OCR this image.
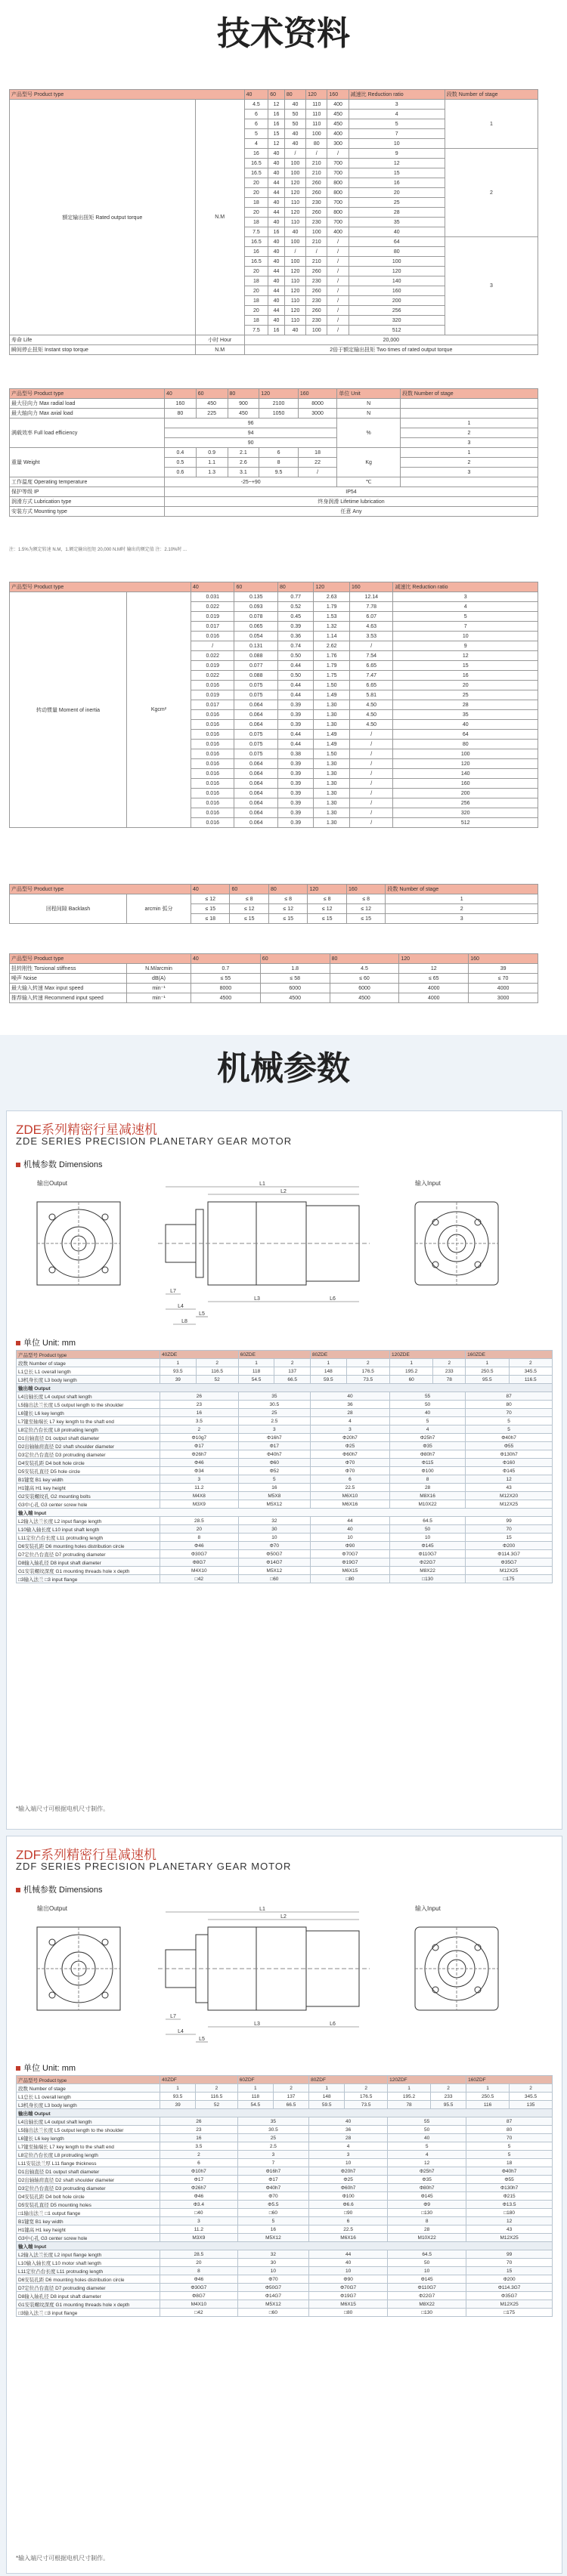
技术资料
产品型号 Product type		40	60	80	120	160	减速比 Reduction ratio	段数 Number of stage
额定输出扭矩 Rated output torque	N.M	4.5	12	40	110	400	3	1
		6	16	50	110	450	4	
		6	16	50	110	450	5	
		5	15	40	100	400	7	
		4	12	40	80	300	10	
		16	40	/	/	/	9	2
		16.5	40	100	210	700	12	
		16.5	40	100	210	700	15	
		20	44	120	260	800	16	
		20	44	120	260	800	20	
		18	40	110	230	700	25	
		20	44	120	260	800	28	
		18	40	110	230	700	35	
		7.5	16	40	100	400	40	
		16.5	40	100	210	/	64	3
		16	40	/	/	/	80	
		16.5	40	100	210	/	100	
		20	44	120	260	/	120	
		18	40	110	230	/	140	
		20	44	120	260	/	160	
		18	40	110	230	/	200	
		20	44	120	260	/	256	
		18	40	110	230	/	320	
		7.5	16	40	100	/	512	
寿命 Life	小时 Hour	20,000						
瞬间停止扭矩 Instant stop torque	N.M	2倍于额定输出扭矩 Two times of rated output torque						
产品型号 Product type	40	60	80	120	160	单位 Unit	段数 Number of stage
最大径向力 Max radial load	160	450	900	2100	8000	N	
最大轴向力 Max axial load	80	225	450	1050	3000	N	
满载效率 Full load efficiency	96					%	1
	94						2
	90						3
重量 Weight	0.4	0.9	2.1	6	18	Kg	1
	0.5	1.1	2.6	8	22		2
	0.6	1.3	3.1	9.5	/		3
工作温度 Operating temperature	-25~+90					℃	
保护等级 IP	IP54						
润滑方式 Lubrication type	终身润滑 Lifetime lubrication						
安装方式 Mounting type	任意 Any						
注：1.5%为额定转速 N.M，1.额定输出扭矩 20,000 N.M时 输出的额定值 注：2.10%时 ...
产品型号 Product type		40	60	80	120	160	减速比 Reduction ratio
转动惯量 Moment of inertia	Kgcm²	0.031	0.135	0.77	2.63	12.14	3
		0.022	0.093	0.52	1.79	7.78	4
		0.019	0.078	0.45	1.53	6.07	5
		0.017	0.065	0.39	1.32	4.63	7
		0.016	0.054	0.36	1.14	3.53	10
		/	0.131	0.74	2.62	/	9
		0.022	0.088	0.50	1.76	7.54	12
		0.019	0.077	0.44	1.79	6.65	15
		0.022	0.088	0.50	1.75	7.47	16
		0.016	0.075	0.44	1.50	6.65	20
		0.019	0.075	0.44	1.49	5.81	25
		0.017	0.064	0.39	1.30	4.50	28
		0.016	0.064	0.39	1.30	4.50	35
		0.016	0.064	0.39	1.30	4.50	40
		0.016	0.075	0.44	1.49	/	64
		0.016	0.075	0.44	1.49	/	80
		0.016	0.075	0.38	1.50	/	100
		0.016	0.064	0.39	1.30	/	120
		0.016	0.064	0.39	1.30	/	140
		0.016	0.064	0.39	1.30	/	160
		0.016	0.064	0.39	1.30	/	200
		0.016	0.064	0.39	1.30	/	256
		0.016	0.064	0.39	1.30	/	320
		0.016	0.064	0.39	1.30	/	512
产品型号 Product type		40	60	80	120	160	段数 Number of stage
回程间隙 Backlash	arcmin 弧分	≤ 12	≤ 8	≤ 8	≤ 8	≤ 8	1
		≤ 15	≤ 12	≤ 12	≤ 12	≤ 12	2
		≤ 18	≤ 15	≤ 15	≤ 15	≤ 15	3
产品型号 Product type		40	60	80	120	160
扭转刚性 Torsional stiffness	N.M/arcmin	0.7	1.8	4.5	12	39
噪声 Noise	dB(A)	≤ 55	≤ 58	≤ 60	≤ 65	≤ 70
最大输入转速 Max input speed	min⁻¹	8000	6000	6000	4000	4000
推荐输入转速 Recommend input speed	min⁻¹	4500	4500	4500	4000	3000
机械参数
ZDE系列精密行星减速机
ZDE SERIES PRECISION PLANETARY GEAR MOTOR
机械参数 Dimensions
输出Output	L1
L2
L3
L4
L5
L6
L7
L8
输入Input
单位 Unit: mm
产品型号 Product type	40ZDE		60ZDE		80ZDE		120ZDE		160ZDE	
段数 Number of stage	1	2	1	2	1	2	1	2	1	2
L1总长 L1 overall length	93.5	116.5	118	137	148	176.5	195.2	233	250.5	345.5
L3机身长度 L3 body length	39	52	54.5	66.5	59.5	73.5	60	78	95.5	116.5
输出端 Output										
L4出轴长度 L4 output shaft length	26		35		40		55		87	
L5输出法兰长度 L5 output length to the shoulder	23		30.5		36		50		80	
L6键长 L6 key length	16		25		28		40		70	
L7键至轴端长 L7 key length to the shaft end	3.5		2.5		4		5		5	
L8定位凸台长度 L8 protruding length	2		3		3		4		5	
D1出轴直径 D1 output shaft diameter	Φ10g7		Φ16h7		Φ20h7		Φ25h7		Φ40h7	
D2出轴轴肩直径 D2 shaft shoulder diameter	Φ17		Φ17		Φ25		Φ35		Φ55	
D3定位凸台直径 D3 protruding diameter	Φ26h7		Φ40h7		Φ60h7		Φ80h7		Φ130h7	
D4安装孔距 D4 bolt hole circle	Φ46		Φ60		Φ70		Φ115		Φ160	
D5安装孔直径 D5 hole circle	Φ34		Φ52		Φ70		Φ100		Φ145	
B1键宽 B1 key width	3		5		6		8		12	
H1键高 H1 key height	11.2		16		22.5		28		43	
G2安装螺纹孔 G2 mounting bolts	M4X8		M5X8		M6X10		M8X16		M12X20	
G3中心孔 G3 center screw hole	M3X9		M5X12		M6X16		M10X22		M12X25	
输入端 Input										
L2输入法兰长度 L2 input flange length	28.5		32		44		64.5		99	
L10输入轴长度 L10 input shaft length	20		30		40		50		70	
L11定位凸台长度 L11 protruding length	8		10		10		10		15	
D6安装孔距 D6 mounting holes distribution circle	Φ46		Φ70		Φ90		Φ145		Φ200	
D7定位凸台直径 D7 protruding diameter	Φ30G7		Φ50G7		Φ70G7		Φ110G7		Φ114.3G7	
D8输入轴孔径 D8 input shaft diameter	Φ8G7		Φ14G7		Φ19G7		Φ22G7		Φ35G7	
G1安装螺纹深度 G1 mounting threads hole x depth	M4X10		M5X12		M6X15		M8X22		M12X25	
□3输入法兰 □3 input flange	□42		□60		□80		□130		□175	
*输入端尺寸可根据电机尺寸制作。
ZDF系列精密行星减速机
ZDF SERIES PRECISION PLANETARY GEAR MOTOR
机械参数 Dimensions
输出Output	L1
L2
L3
L4
L5
L6
L7
输入Input
单位 Unit: mm
产品型号 Product type	40ZDF		60ZDF		80ZDF		120ZDF		160ZDF	
段数 Number of stage	1	2	1	2	1	2	1	2	1	2
L1总长 L1 overall length	93.5	116.5	118	137	148	176.5	195.2	233	250.5	345.5
L3机身长度 L3 body length	39	52	54.5	66.5	59.5	73.5	78	95.5	116	135
输出端 Output										
L4出轴长度 L4 output shaft length	26		35		40		55		87	
L5输出法兰长度 L5 output length to the shoulder	23		30.5		36		50		80	
L6键长 L6 key length	16		25		28		40		70	
L7键至轴端长 L7 key length to the shaft end	3.5		2.5		4		5		5	
L8定位凸台长度 L8 protruding length	2		3		3		4		5	
L11安装法兰厚 L11 flange thickness	6		7		10		12		18	
D1出轴直径 D1 output shaft diameter	Φ10h7		Φ16h7		Φ20h7		Φ25h7		Φ40h7	
D2出轴轴肩直径 D2 shaft shoulder diameter	Φ17		Φ17		Φ25		Φ35		Φ55	
D3定位凸台直径 D3 protruding diameter	Φ26h7		Φ40h7		Φ60h7		Φ80h7		Φ130h7	
D4安装孔距 D4 bolt hole circle	Φ46		Φ70		Φ100		Φ145		Φ215	
D5安装孔直径 D5 mounting holes	Φ3.4		Φ5.5		Φ6.6		Φ9		Φ13.5	
□1输出法兰 □1 output flange	□40		□60		□90		□130		□180	
B1键宽 B1 key width	3		5		6		8		12	
H1键高 H1 key height	11.2		16		22.5		28		43	
G3中心孔 G3 center screw hole	M3X9		M5X12		M6X16		M10X22		M12X25	
输入端 Input										
L2输入法兰长度 L2 input flange length	28.5		32		44		64.5		99	
L10输入轴长度 L10 motor shaft length	20		30		40		50		70	
L11定位凸台长度 L11 protruding length	8		10		10		10		15	
D6安装孔距 D6 mounting holes distribution circle	Φ46		Φ70		Φ90		Φ145		Φ200	
D7定位凸台直径 D7 protruding diameter	Φ30G7		Φ50G7		Φ70G7		Φ110G7		Φ114.3G7	
D8输入轴孔径 D8 input shaft diameter	Φ8G7		Φ14G7		Φ19G7		Φ22G7		Φ35G7	
G1安装螺纹深度 G1 mounting threads hole x depth	M4X10		M5X12		M6X15		M8X22		M12X25	
□3输入法兰 □3 input flange	□42		□60		□80		□130		□175	
*输入端尺寸可根据电机尺寸制作。
